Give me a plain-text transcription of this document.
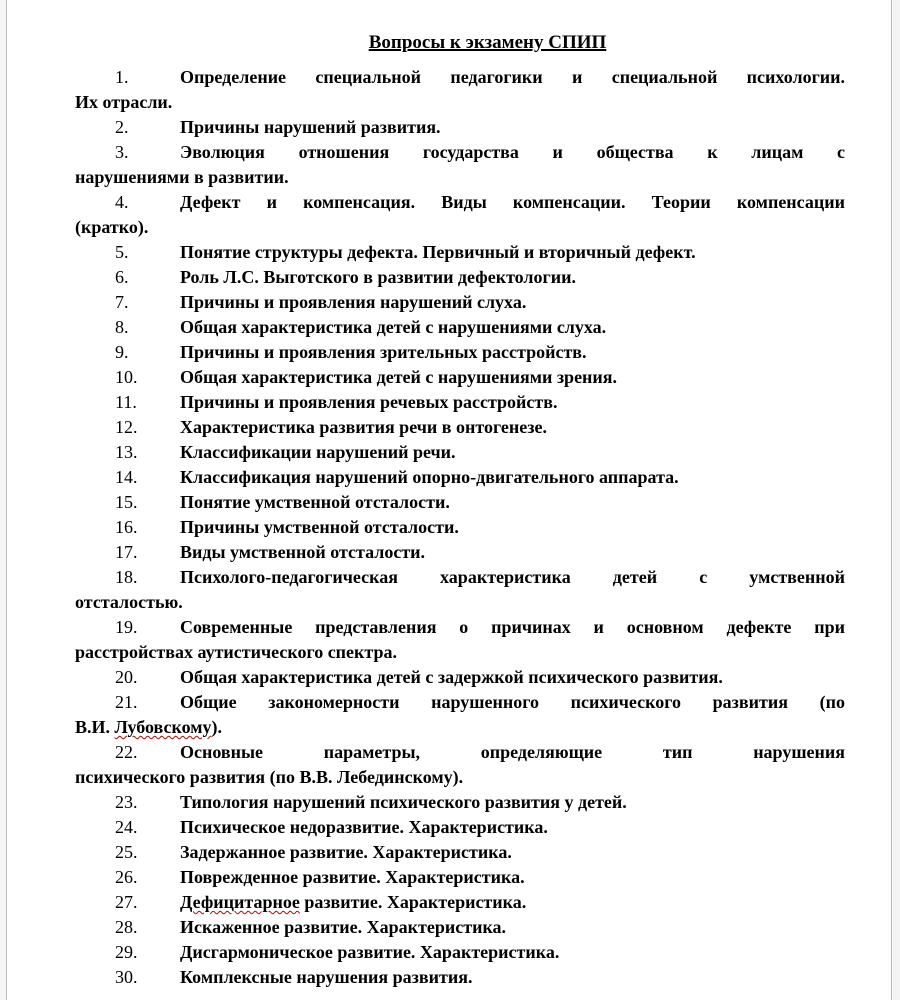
Вопросы к экзамену СПИП
1.	Определение специальной педагогики и специальной психологии.
Их отрасли.
2.	Причины нарушений развития.
3.	Эволюция отношения государства и общества к лицам с
нарушениями в развитии.
4.	Дефект и компенсация. Виды компенсации. Теории компенсации
(кратко).
5.	Понятие структуры дефекта. Первичный и вторичный дефект.
6.	Роль Л.С. Выготского в развитии дефектологии.
7.	Причины и проявления нарушений слуха.
8.	Общая характеристика детей с нарушениями слуха.
9.	Причины и проявления зрительных расстройств.
10. Общая характеристика детей с нарушениями зрения.
11. Причины и проявления речевых расстройств.
12. Характеристика развития речи в онтогенезе.
13. Классификации нарушений речи.
14. Классификация нарушений опорно-двигательного аппарата.
15. Понятие умственной отсталости.
16. Причины умственной отсталости.
17. Виды умственной отсталости.
18. Психолого-педагогическая характеристика детей с умственной
отсталостью.
19. Современные представления о причинах и основном дефекте при
расстройствах аутистического спектра.
20. Общая характеристика детей с задержкой психического развития.
21. Общие закономерности нарушенного психического развития (по
В.И. Лубовскому).
22. Основные параметры, определяющие тип нарушения
психического развития (по В.В. Лебединскому).
23. Типология нарушений психического развития у детей.
24. Психическое недоразвитие. Характеристика.
25. Задержанное развитие. Характеристика.
26. Поврежденное развитие. Характеристика.
27. Дефицитарное развитие. Характеристика.
28. Искаженное развитие. Характеристика.
29. Дисгармоническое развитие. Характеристика.
30. Комплексные нарушения развития.
